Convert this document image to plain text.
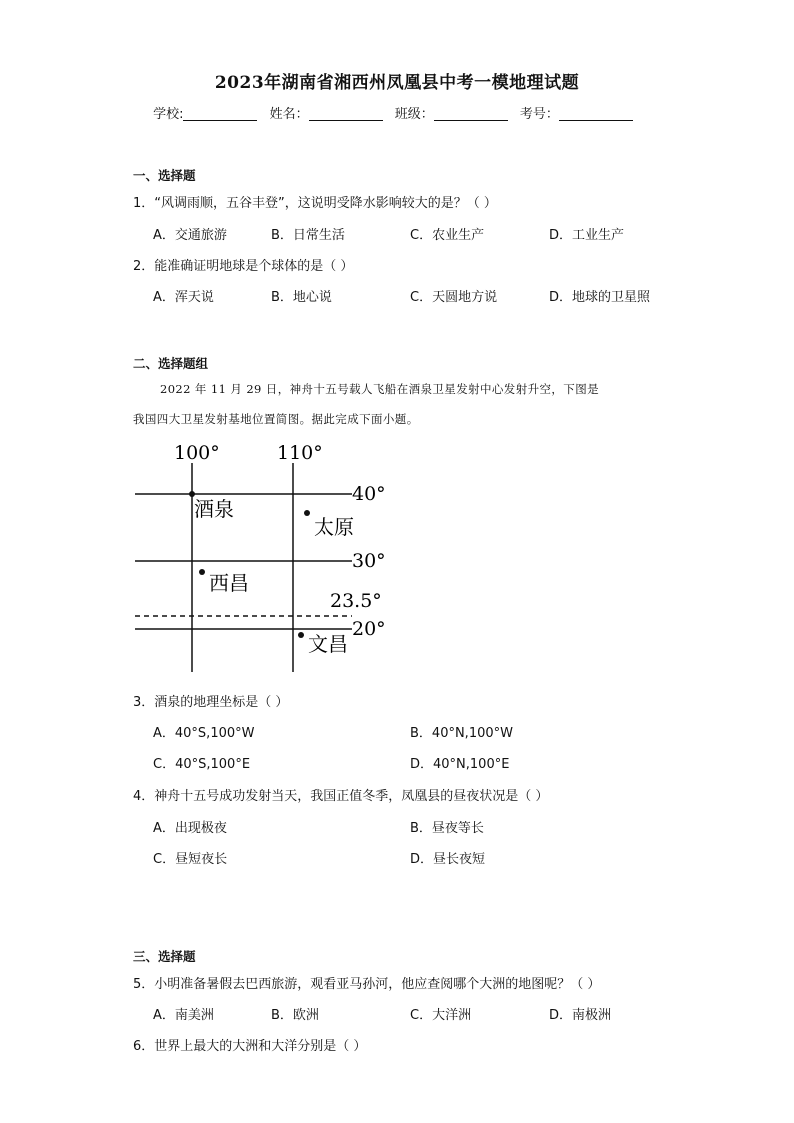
2023年湖南省湘西州凤凰县中考一模地理试题
学校:	姓名：	班级：	考号：
一、选择题
1．“风调雨顺，五谷丰登”，这说明受降水影响较大的是？（ ）
A．交通旅游	B．日常生活	C．农业生产	D．工业生产
2．能准确证明地球是个球体的是（ ）
A．浑天说	B．地心说	C．天圆地方说	D．地球的卫星照
二、选择题组
2022 年 11 月 29 日，神舟十五号载人飞船在酒泉卫星发射中心发射升空，下图是
我国四大卫星发射基地位置简图。据此完成下面小题。
100°	110°
40°
30°
23.5°
20°
酒泉
太原
西昌
文昌
3．酒泉的地理坐标是（ ）
A．40°S,100°W	B．40°N,100°W
C．40°S,100°E	D．40°N,100°E
4．神舟十五号成功发射当天，我国正值冬季，凤凰县的昼夜状况是（ ）
A．出现极夜	B．昼夜等长
C．昼短夜长	D．昼长夜短
三、选择题
5．小明准备暑假去巴西旅游，观看亚马孙河，他应查阅哪个大洲的地图呢？（ ）
A．南美洲	B．欧洲	C．大洋洲	D．南极洲
6．世界上最大的大洲和大洋分别是（ ）
